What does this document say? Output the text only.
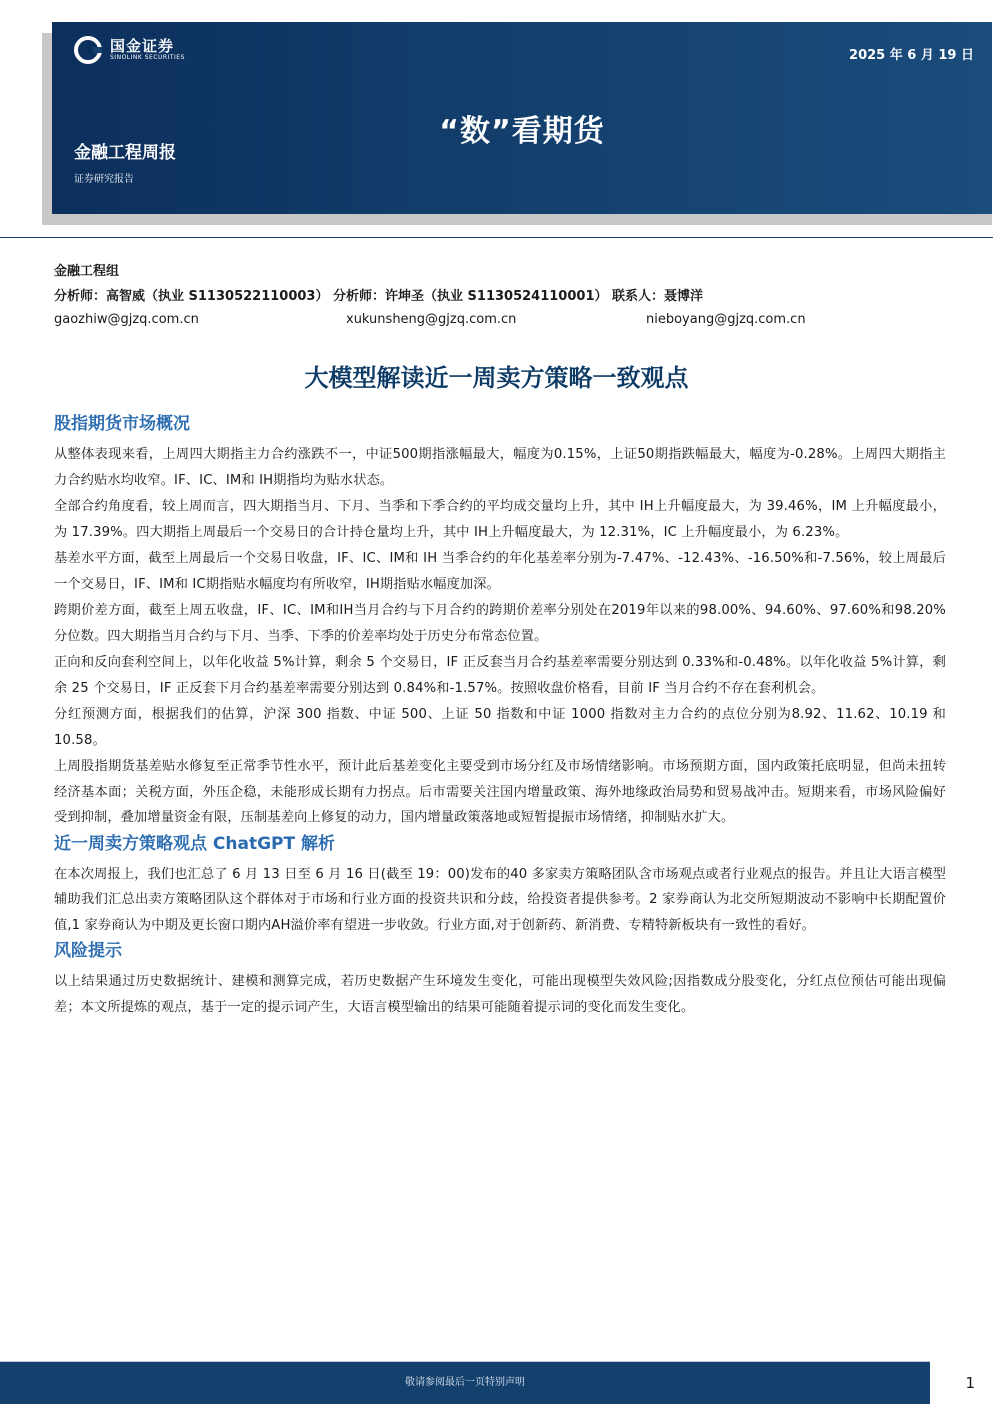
国金证券
SINOLINK SECURITIES	2025 年 6 月 19 日
“数”看期货
金融工程周报
证券研究报告
金融工程组
分析师：高智威（执业 S1130522110003） 分析师：许坤圣（执业 S1130524110001） 联系人：聂博洋
gaozhiw@gjzq.com.cn	xukunsheng@gjzq.com.cn	nieboyang@gjzq.com.cn
大模型解读近一周卖方策略一致观点
股指期货市场概况

从整体表现来看，上周四大期指主力合约涨跌不一，中证500期指涨幅最大，幅度为0.15%，上证50期指跌幅最大，幅度为-0.28%。上周四大期指主力合约贴水均收窄。IF、IC、IM和 IH期指均为贴水状态。

全部合约角度看，较上周而言，四大期指当月、下月、当季和下季合约的平均成交量均上升，其中 IH上升幅度最大，为 39.46%，IM 上升幅度最小，为 17.39%。四大期指上周最后一个交易日的合计持仓量均上升，其中 IH上升幅度最大，为 12.31%，IC 上升幅度最小，为 6.23%。

基差水平方面，截至上周最后一个交易日收盘，IF、IC、IM和 IH 当季合约的年化基差率分别为-7.47%、-12.43%、-16.50%和-7.56%，较上周最后一个交易日，IF、IM和 IC期指贴水幅度均有所收窄，IH期指贴水幅度加深。

跨期价差方面，截至上周五收盘，IF、IC、IM和IH当月合约与下月合约的跨期价差率分别处在2019年以来的98.00%、94.60%、97.60%和98.20%分位数。四大期指当月合约与下月、当季、下季的价差率均处于历史分布常态位置。

正向和反向套利空间上，以年化收益 5%计算，剩余 5 个交易日，IF 正反套当月合约基差率需要分别达到 0.33%和-0.48%。以年化收益 5%计算，剩余 25 个交易日，IF 正反套下月合约基差率需要分别达到 0.84%和-1.57%。按照收盘价格看，目前 IF 当月合约不存在套利机会。

分红预测方面，根据我们的估算，沪深 300 指数、中证 500、上证 50 指数和中证 1000 指数对主力合约的点位分别为8.92、11.62、10.19 和 10.58。

上周股指期货基差贴水修复至正常季节性水平，预计此后基差变化主要受到市场分红及市场情绪影响。市场预期方面，国内政策托底明显，但尚未扭转经济基本面；关税方面，外压企稳，未能形成长期有力拐点。后市需要关注国内增量政策、海外地缘政治局势和贸易战冲击。短期来看，市场风险偏好受到抑制，叠加增量资金有限，压制基差向上修复的动力，国内增量政策落地或短暂提振市场情绪，抑制贴水扩大。

近一周卖方策略观点 ChatGPT 解析

在本次周报上，我们也汇总了 6 月 13 日至 6 月 16 日(截至 19：00)发布的40 多家卖方策略团队含市场观点或者行业观点的报告。并且让大语言模型辅助我们汇总出卖方策略团队这个群体对于市场和行业方面的投资共识和分歧，给投资者提供参考。2 家券商认为北交所短期波动不影响中长期配置价值,1 家券商认为中期及更长窗口期内AH溢价率有望进一步收敛。行业方面,对于创新药、新消费、专精特新板块有一致性的看好。

风险提示

以上结果通过历史数据统计、建模和测算完成，若历史数据产生环境发生变化，可能出现模型失效风险;因指数成分股变化，分红点位预估可能出现偏差；本文所提炼的观点，基于一定的提示词产生，大语言模型输出的结果可能随着提示词的变化而发生变化。

敬请参阅最后一页特别声明	1
